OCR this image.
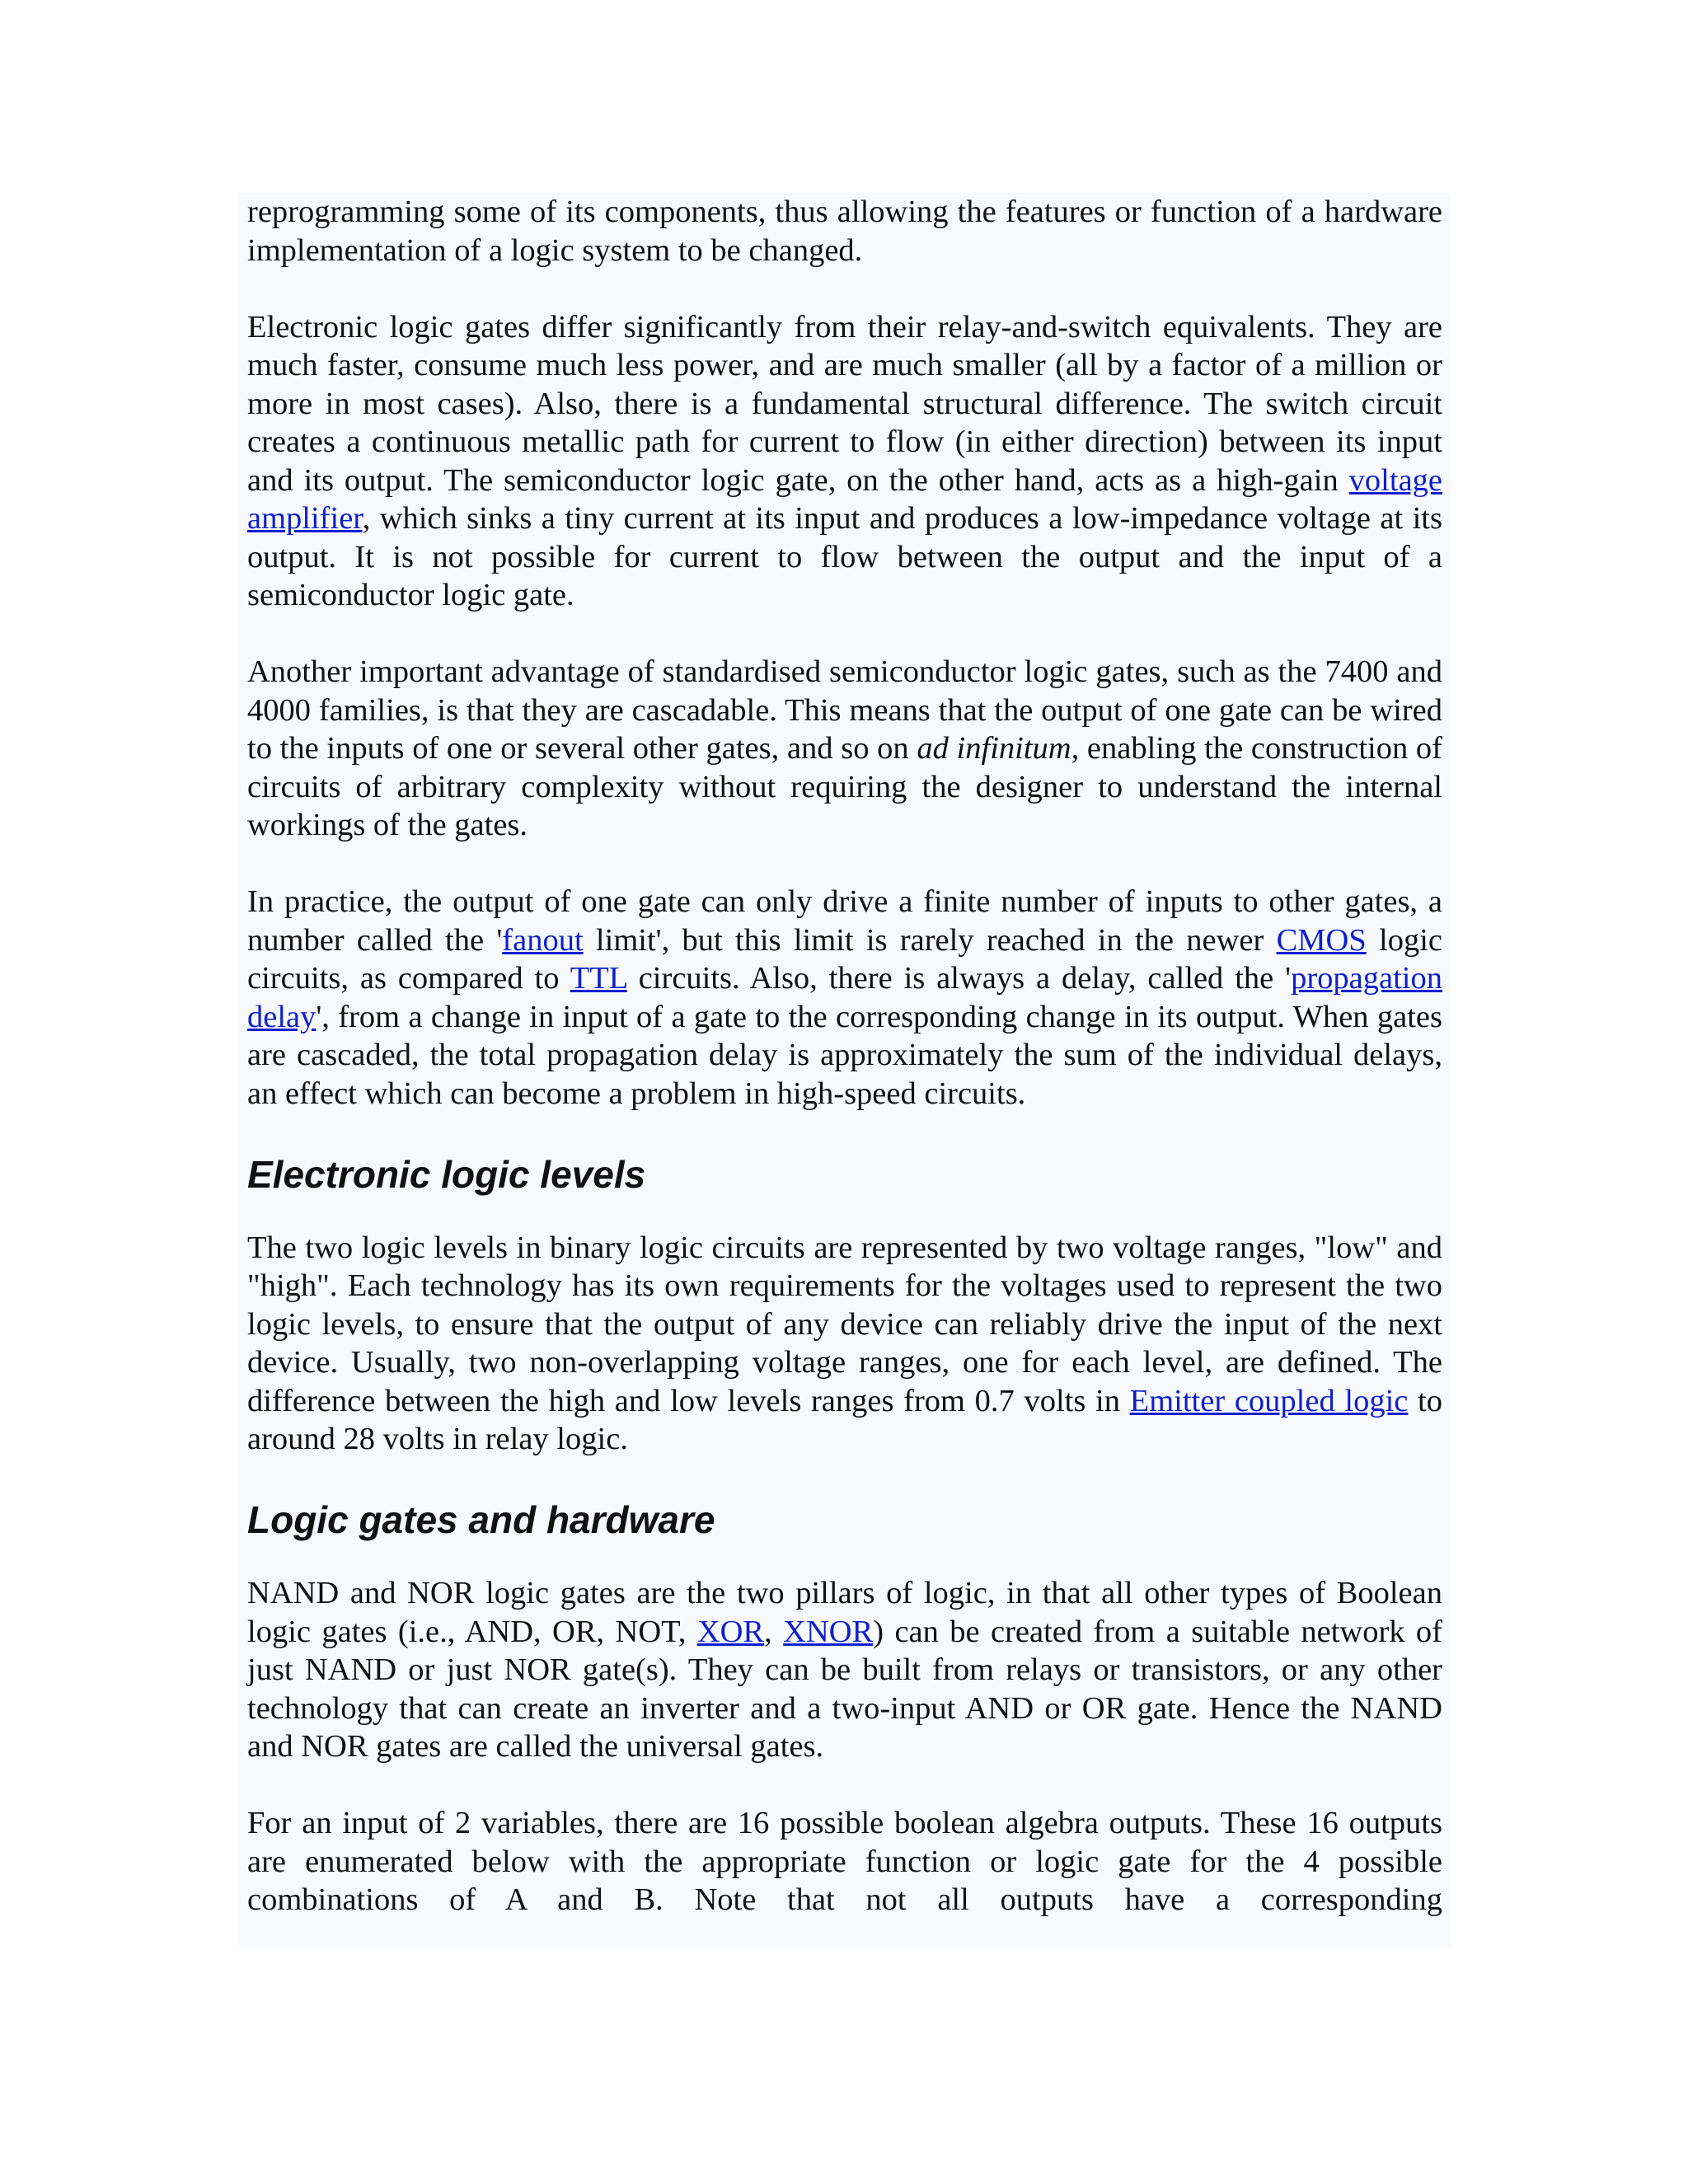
reprogramming some of its components, thus allowing the features or function of a hardware implementation of a logic system to be changed.

Electronic logic gates differ significantly from their relay-and-switch equivalents. They are much faster, consume much less power, and are much smaller (all by a factor of a million or more in most cases). Also, there is a fundamental structural difference. The switch circuit creates a continuous metallic path for current to flow (in either direction) between its input and its output. The semiconductor logic gate, on the other hand, acts as a high-gain voltage amplifier, which sinks a tiny current at its input and produces a low-impedance voltage at its output. It is not possible for current to flow between the output and the input of a semiconductor logic gate.

Another important advantage of standardised semiconductor logic gates, such as the 7400 and 4000 families, is that they are cascadable. This means that the output of one gate can be wired to the inputs of one or several other gates, and so on ad infinitum, enabling the construction of circuits of arbitrary complexity without requiring the designer to understand the internal workings of the gates.

In practice, the output of one gate can only drive a finite number of inputs to other gates, a number called the 'fanout limit', but this limit is rarely reached in the newer CMOS logic circuits, as compared to TTL circuits. Also, there is always a delay, called the 'propagation delay', from a change in input of a gate to the corresponding change in its output. When gates are cascaded, the total propagation delay is approximately the sum of the individual delays, an effect which can become a problem in high-speed circuits.

Electronic logic levels

The two logic levels in binary logic circuits are represented by two voltage ranges, "low" and "high". Each technology has its own requirements for the voltages used to represent the two logic levels, to ensure that the output of any device can reliably drive the input of the next device. Usually, two non-overlapping voltage ranges, one for each level, are defined. The difference between the high and low levels ranges from 0.7 volts in Emitter coupled logic to around 28 volts in relay logic.

Logic gates and hardware

NAND and NOR logic gates are the two pillars of logic, in that all other types of Boolean logic gates (i.e., AND, OR, NOT, XOR, XNOR) can be created from a suitable network of just NAND or just NOR gate(s). They can be built from relays or transistors, or any other technology that can create an inverter and a two-input AND or OR gate. Hence the NAND and NOR gates are called the universal gates.

For an input of 2 variables, there are 16 possible boolean algebra outputs. These 16 outputs are enumerated below with the appropriate function or logic gate for the 4 possible combinations of A and B. Note that not all outputs have a corresponding
